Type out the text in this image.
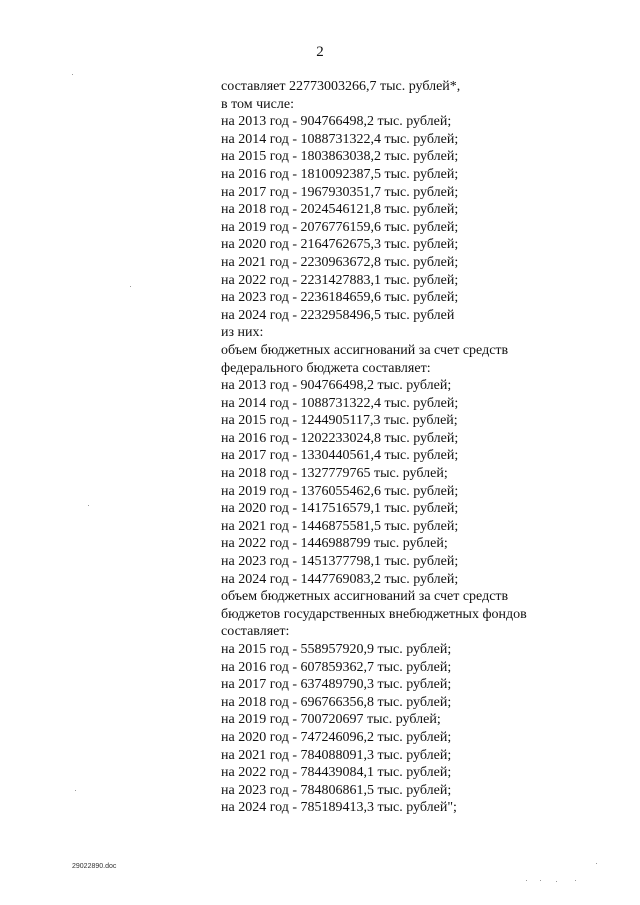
2
составляет 22773003266,7 тыс. рублей*,
в том числе:
на 2013 год - 904766498,2 тыс. рублей;
на 2014 год - 1088731322,4 тыс. рублей;
на 2015 год - 1803863038,2 тыс. рублей;
на 2016 год - 1810092387,5 тыс. рублей;
на 2017 год - 1967930351,7 тыс. рублей;
на 2018 год - 2024546121,8 тыс. рублей;
на 2019 год - 2076776159,6 тыс. рублей;
на 2020 год - 2164762675,3 тыс. рублей;
на 2021 год - 2230963672,8 тыс. рублей;
на 2022 год - 2231427883,1 тыс. рублей;
на 2023 год - 2236184659,6 тыс. рублей;
на 2024 год - 2232958496,5 тыс. рублей
из них:
объем бюджетных ассигнований за счет средств
федерального бюджета составляет:
на 2013 год - 904766498,2 тыс. рублей;
на 2014 год - 1088731322,4 тыс. рублей;
на 2015 год - 1244905117,3 тыс. рублей;
на 2016 год - 1202233024,8 тыс. рублей;
на 2017 год - 1330440561,4 тыс. рублей;
на 2018 год - 1327779765 тыс. рублей;
на 2019 год - 1376055462,6 тыс. рублей;
на 2020 год - 1417516579,1 тыс. рублей;
на 2021 год - 1446875581,5 тыс. рублей;
на 2022 год - 1446988799 тыс. рублей;
на 2023 год - 1451377798,1 тыс. рублей;
на 2024 год - 1447769083,2 тыс. рублей;
объем бюджетных ассигнований за счет средств
бюджетов государственных внебюджетных фондов
составляет:
на 2015 год - 558957920,9 тыс. рублей;
на 2016 год - 607859362,7 тыс. рублей;
на 2017 год - 637489790,3 тыс. рублей;
на 2018 год - 696766356,8 тыс. рублей;
на 2019 год - 700720697 тыс. рублей;
на 2020 год - 747246096,2 тыс. рублей;
на 2021 год - 784088091,3 тыс. рублей;
на 2022 год - 784439084,1 тыс. рублей;
на 2023 год - 784806861,5 тыс. рублей;
на 2024 год - 785189413,3 тыс. рублей";
29022890.doc
